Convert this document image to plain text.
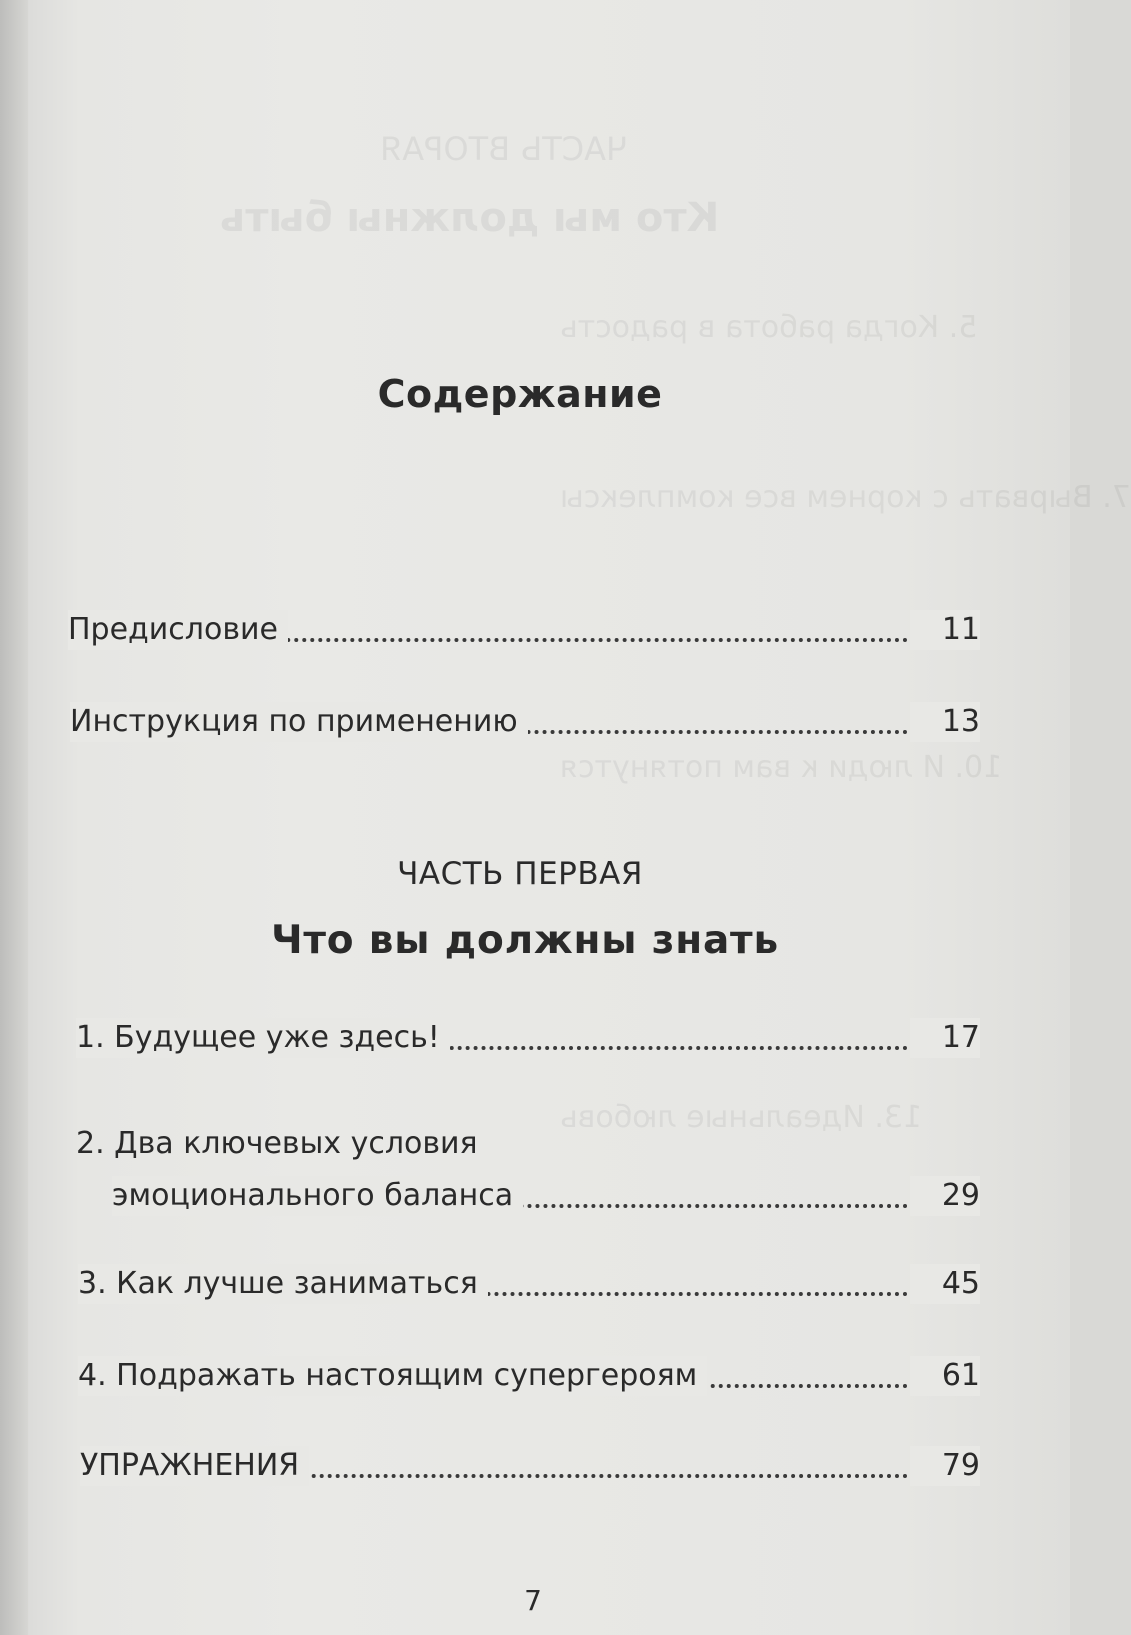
ЧАСТЬ ВТОРАЯ
Кто мы должны быть
5. Когда работа в радость
7. Вырвать с корнем все комплексы
10. И люди к вам потянутся
13. Идеальные любовь
Содержание
Предисловие	11
Инструкция по применению	13
ЧАСТЬ ПЕРВАЯ
Что вы должны знать
1. Будущее уже здесь!	17
2. Два ключевых условия
эмоционального баланса	29
3. Как лучше заниматься	45
4. Подражать настоящим супергероям	61
УПРАЖНЕНИЯ	79
7
